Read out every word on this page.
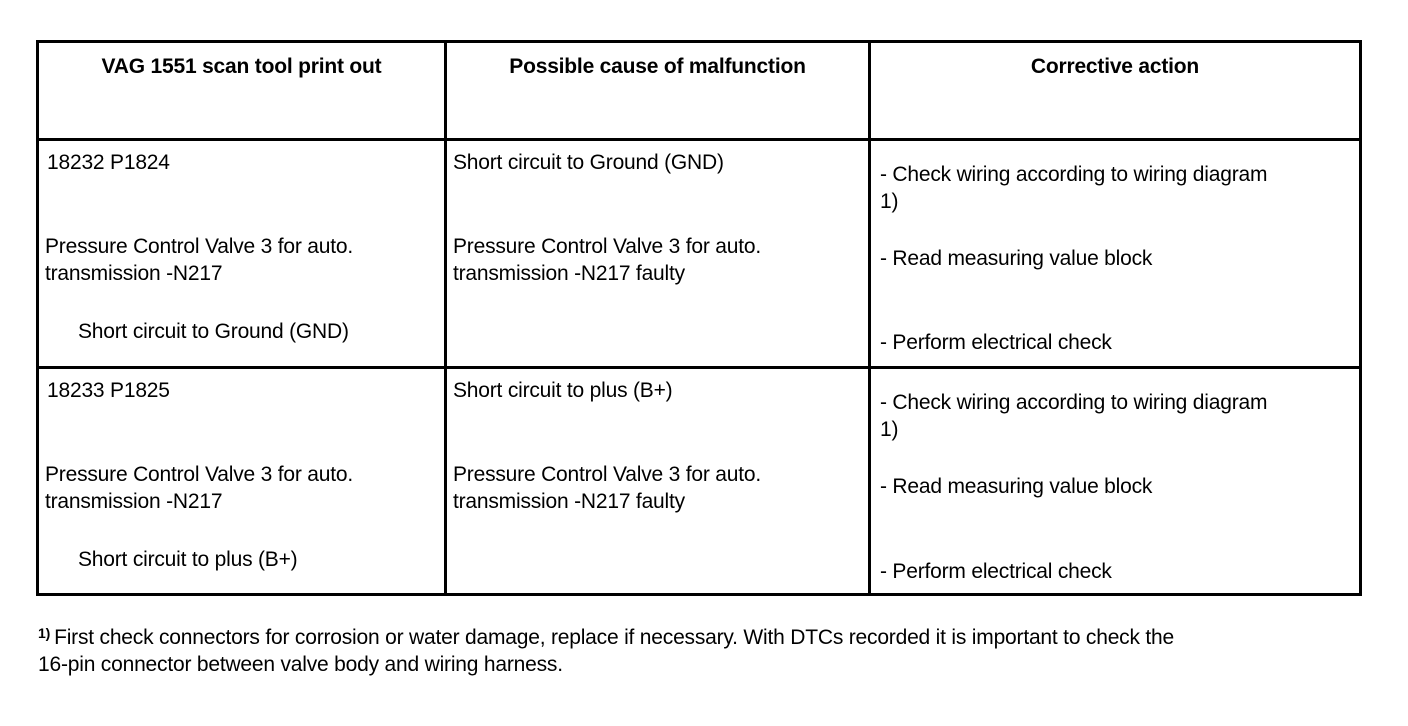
VAG 1551 scan tool print out	Possible cause of malfunction	Corrective action
18232 P1824
Pressure Control Valve 3 for auto.
transmission -N217
Short circuit to Ground (GND)
Short circuit to Ground (GND)
Pressure Control Valve 3 for auto.
transmission -N217 faulty
- Check wiring according to wiring diagram
1)
- Read measuring value block
- Perform electrical check
18233 P1825
Pressure Control Valve 3 for auto.
transmission -N217
Short circuit to plus (B+)
Short circuit to plus (B+)
Pressure Control Valve 3 for auto.
transmission -N217 faulty
- Check wiring according to wiring diagram
1)
- Read measuring value block
- Perform electrical check
$^{1)}$ First check connectors for corrosion or water damage, replace if necessary. With DTCs recorded it is important to check the
16-pin connector between valve body and wiring harness.
